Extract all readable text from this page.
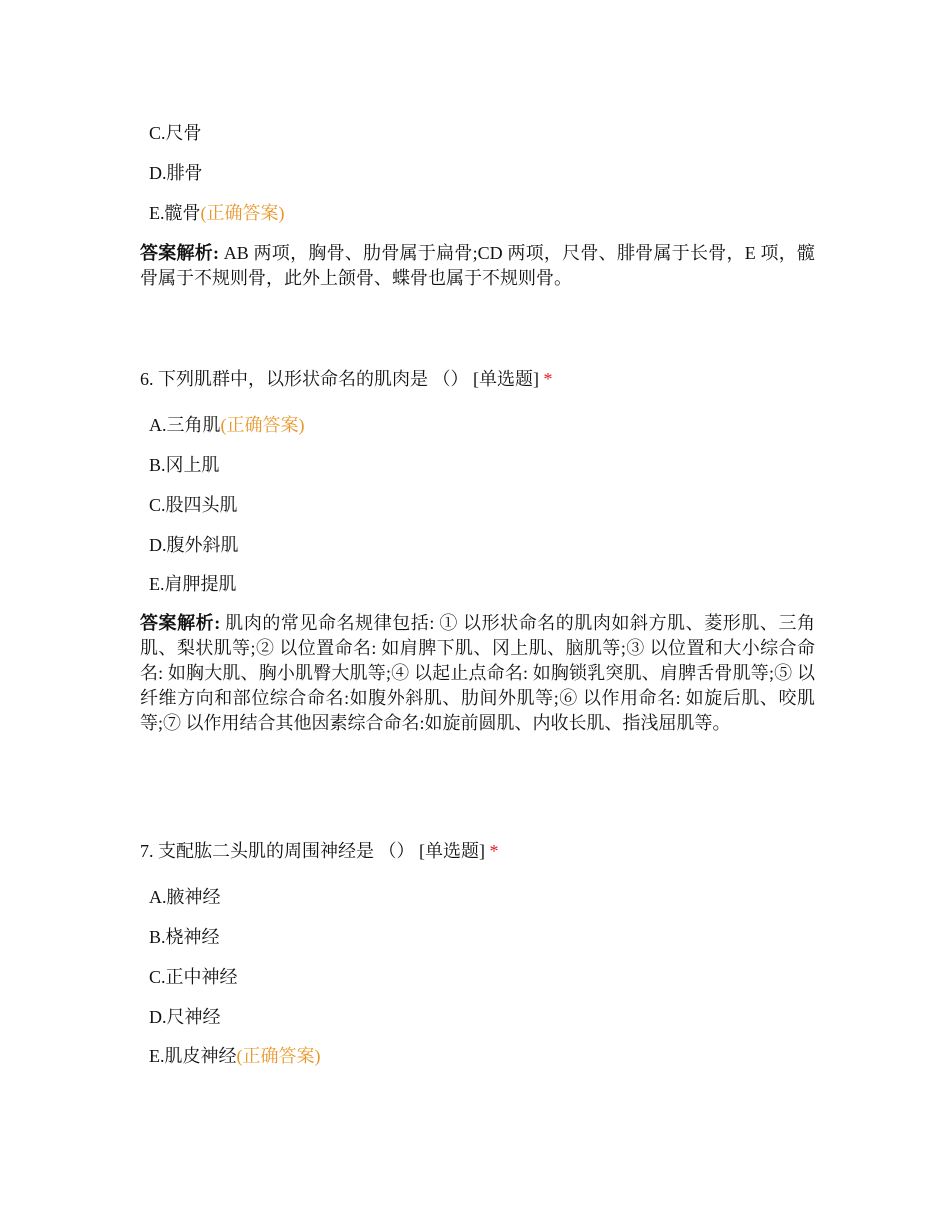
C.尺骨
D.腓骨
E.髋骨(正确答案)
答案解析: AB 两项，胸骨、肋骨属于扁骨;CD 两项，尺骨、腓骨属于长骨，E 项，髋骨属于不规则骨，此外上颌骨、蝶骨也属于不规则骨。
6. 下列肌群中，以形状命名的肌肉是 （） [单选题] *
A.三角肌(正确答案)
B.冈上肌
C.股四头肌
D.腹外斜肌
E.肩胛提肌
答案解析: 肌肉的常见命名规律包括: ① 以形状命名的肌肉如斜方肌、菱形肌、三角肌、梨状肌等;② 以位置命名: 如肩脾下肌、冈上肌、脑肌等;③ 以位置和大小综合命名: 如胸大肌、胸小肌臀大肌等;④ 以起止点命名: 如胸锁乳突肌、肩脾舌骨肌等;⑤ 以纤维方向和部位综合命名:如腹外斜肌、肋间外肌等;⑥ 以作用命名: 如旋后肌、咬肌等;⑦ 以作用结合其他因素综合命名:如旋前圆肌、内收长肌、指浅屈肌等。
7. 支配肱二头肌的周围神经是 （） [单选题] *
A.腋神经
B.桡神经
C.正中神经
D.尺神经
E.肌皮神经(正确答案)
